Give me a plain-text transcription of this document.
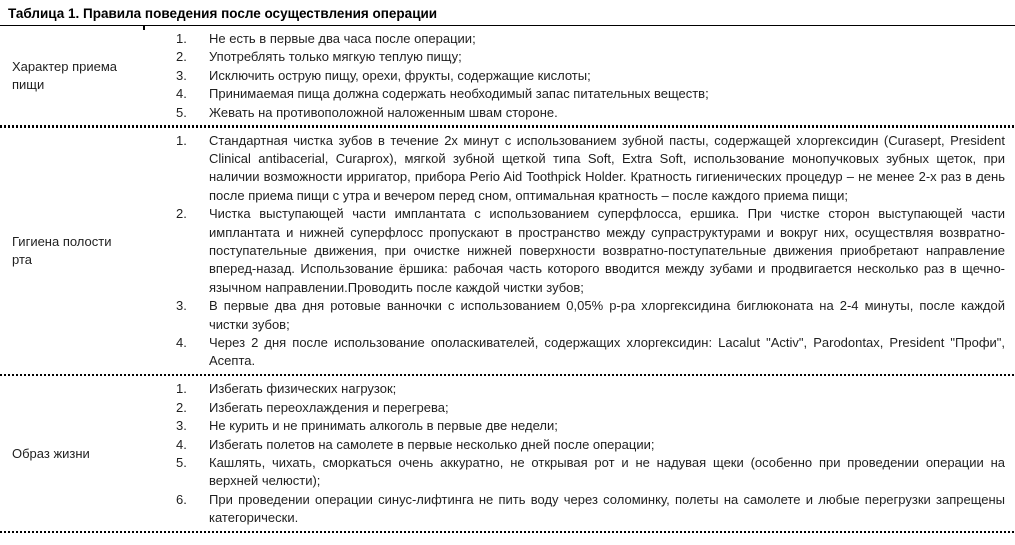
Таблица 1. Правила поведения после осуществления операции
Характер приема пищи
1.	Не есть в первые два часа после операции;
2.	Употреблять только мягкую теплую пищу;
3.	Исключить острую пищу, орехи, фрукты, содержащие кислоты;
4.	Принимаемая пища должна содержать необходимый запас питательных веществ;
5.	Жевать на противоположной наложенным швам стороне.
Гигиена полости рта
1.	Стандартная чистка зубов в течение 2х минут с использованием зубной пасты, содержащей хлоргексидин (Curasept, President Clinical antibacerial, Curaprox), мягкой зубной щеткой типа Soft, Extra Soft, использование монопучковых зубных щеток, при наличии возможности ирригатор, прибора Perio Aid Toothpick Holder. Кратность гигиенических процедур – не менее 2-х раз в день после приема пищи с утра и вечером перед сном, оптимальная кратность – после каждого приема пищи;
2.	Чистка выступающей части имплантата с использованием суперфлосса, ершика. При чистке сторон выступающей части имплантата и нижней суперфлосс пропускают в пространство между супраструктурами и вокруг них, осуществляя возвратно-поступательные движения, при очистке нижней поверхности возвратно-поступательные движения приобретают направление вперед-назад. Использование ёршика: рабочая часть которого вводится между зубами и продвигается несколько раз в щечно-язычном направлении.Проводить после каждой чистки зубов;
3.	В первые два дня ротовые ванночки с использованием 0,05% р-ра хлоргексидина биглюконата на 2-4 минуты, после каждой чистки зубов;
4.	Через 2 дня после использование ополаскивателей, содержащих хлоргексидин: Lacalut "Activ", Parodontax, President "Профи", Асепта.
Образ жизни
1.	Избегать физических нагрузок;
2.	Избегать переохлаждения и перегрева;
3.	Не курить и не принимать алкоголь в первые две недели;
4.	Избегать полетов на самолете в первые несколько дней после операции;
5.	Кашлять, чихать, сморкаться очень аккуратно, не открывая рот и не надувая щеки (особенно при проведении операции на верхней челюсти);
6.	При проведении операции синус-лифтинга не пить воду через соломинку, полеты на самолете и любые перегрузки запрещены категорически.
